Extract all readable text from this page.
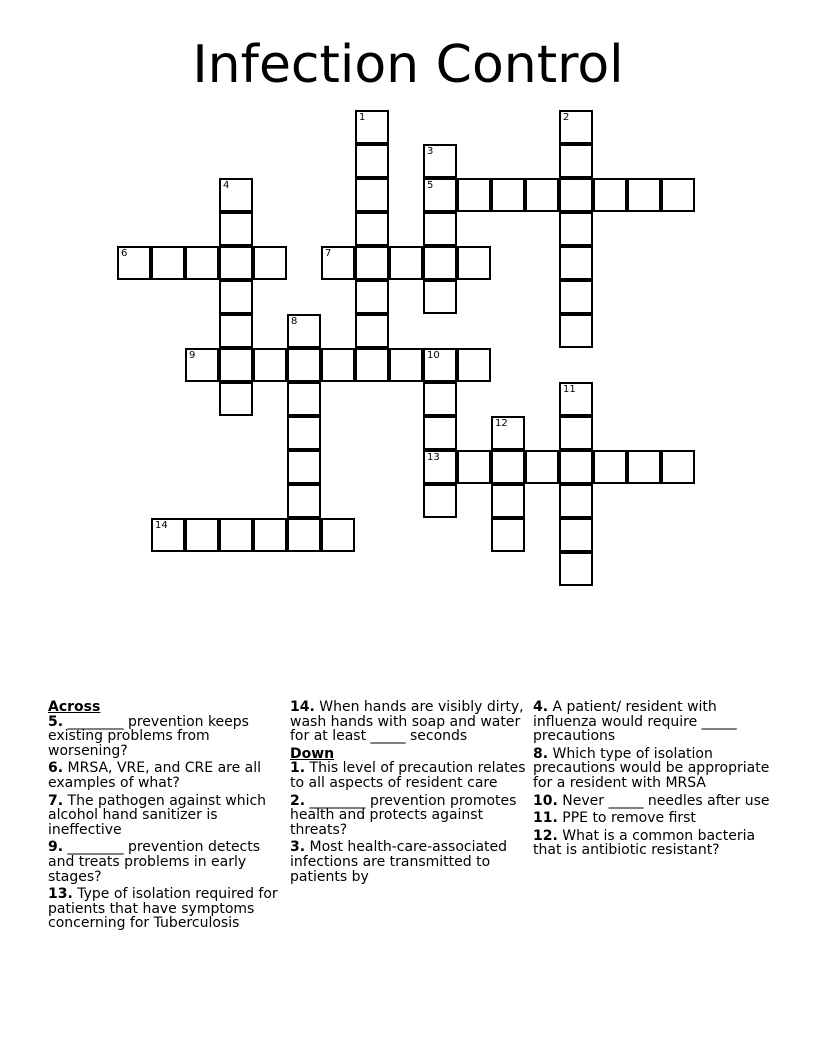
Infection Control
1	2
3
5
4
6	7
8
9	10
13
11
12
14
Across
5. ________ prevention keeps existing problems from worsening?
6. MRSA, VRE, and CRE are all examples of what?
7. The pathogen against which alcohol hand sanitizer is ineffective
9. ________ prevention detects and treats problems in early stages?
13. Type of isolation required for patients that have symptoms concerning for Tuberculosis
14. When hands are visibly dirty, wash hands with soap and water for at least _____ seconds
Down
1. This level of precaution relates to all aspects of resident care
2. ________ prevention promotes health and protects against threats?
3. Most health-care-associated infections are transmitted to patients by
4. A patient/ resident with influenza would require _____ precautions
8. Which type of isolation precautions would be appropriate for a resident with MRSA
10. Never _____ needles after use
11. PPE to remove first
12. What is a common bacteria that is antibiotic resistant?
